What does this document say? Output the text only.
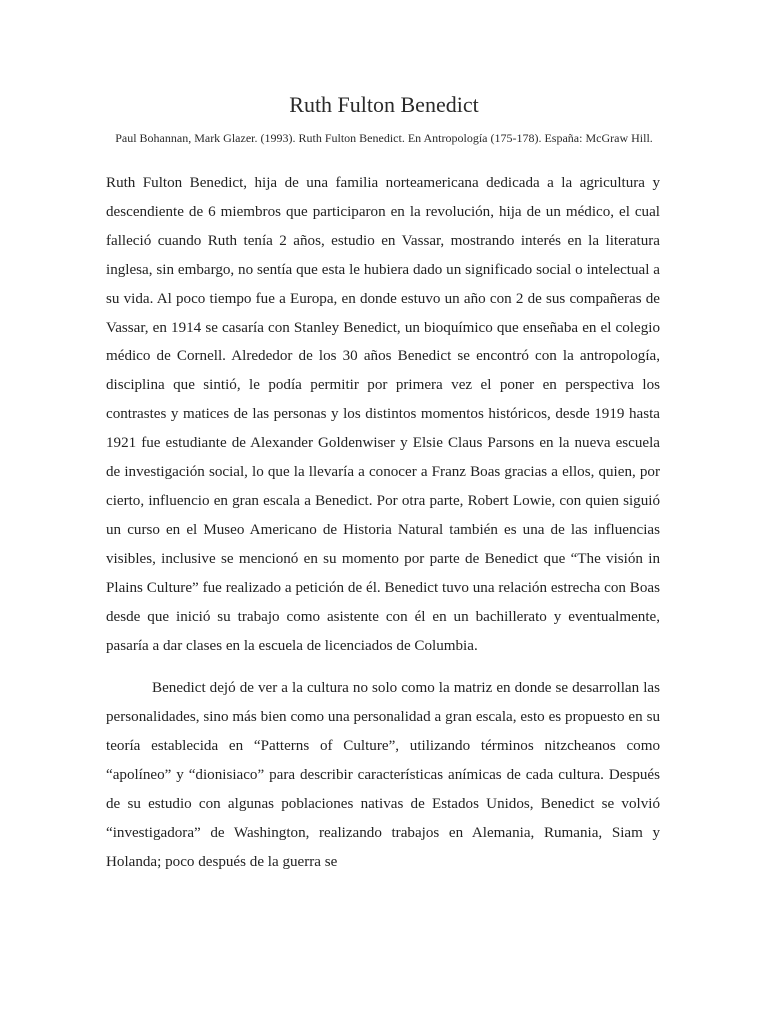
Ruth Fulton Benedict
Paul Bohannan, Mark Glazer. (1993). Ruth Fulton Benedict. En Antropología (175-178). España: McGraw Hill.

Ruth Fulton Benedict, hija de una familia norteamericana dedicada a la agricultura y descendiente de 6 miembros que participaron en la revolución, hija de un médico, el cual falleció cuando Ruth tenía 2 años, estudio en Vassar, mostrando interés en la literatura inglesa, sin embargo, no sentía que esta le hubiera dado un significado social o intelectual a su vida. Al poco tiempo fue a Europa, en donde estuvo un año con 2 de sus compañeras de Vassar, en 1914 se casaría con Stanley Benedict, un bioquímico que enseñaba en el colegio médico de Cornell. Alrededor de los 30 años Benedict se encontró con la antropología, disciplina que sintió, le podía permitir por primera vez el poner en perspectiva los contrastes y matices de las personas y los distintos momentos históricos, desde 1919 hasta 1921 fue estudiante de Alexander Goldenwiser y Elsie Claus Parsons en la nueva escuela de investigación social, lo que la llevaría a conocer a Franz Boas gracias a ellos, quien, por cierto, influencio en gran escala a Benedict. Por otra parte, Robert Lowie, con quien siguió un curso en el Museo Americano de Historia Natural también es una de las influencias visibles, inclusive se mencionó en su momento por parte de Benedict que “The visión in Plains Culture” fue realizado a petición de él. Benedict tuvo una relación estrecha con Boas desde que inició su trabajo como asistente con él en un bachillerato y eventualmente, pasaría a dar clases en la escuela de licenciados de Columbia.

Benedict dejó de ver a la cultura no solo como la matriz en donde se desarrollan las personalidades, sino más bien como una personalidad a gran escala, esto es propuesto en su teoría establecida en “Patterns of Culture”, utilizando términos nitzcheanos como “apolíneo” y “dionisiaco” para describir características anímicas de cada cultura. Después de su estudio con algunas poblaciones nativas de Estados Unidos, Benedict se volvió “investigadora” de Washington, realizando trabajos en Alemania, Rumania, Siam y Holanda; poco después de la guerra se
